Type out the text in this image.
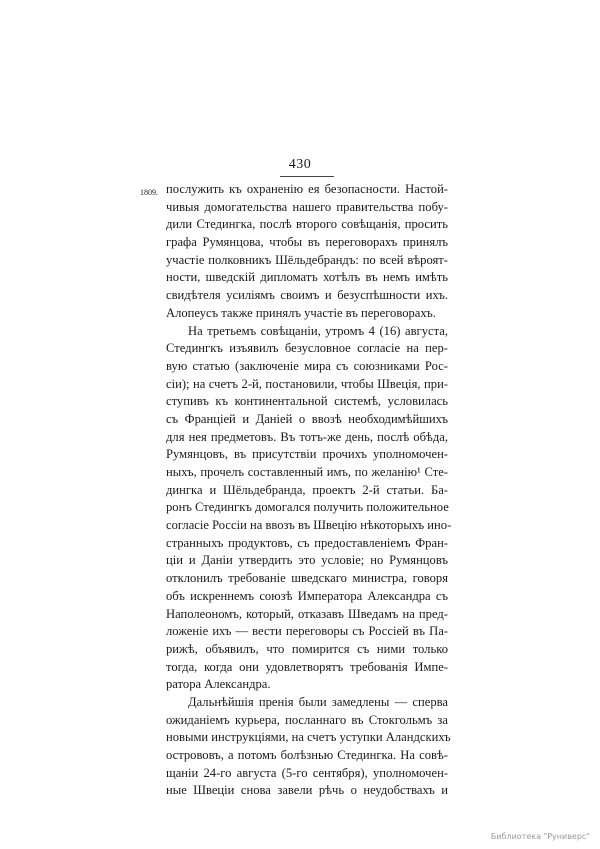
430
1809. послужить къ охраненію ея безопасности. Настой-
чивыя домогательства нашего правительства побу-
дили Стедингка, послѣ второго совѣщанія, просить
графа Румянцова, чтобы въ переговорахъ принялъ
участіе полковникъ Шёльдебрандъ: по всей вѣроят-
ности, шведскій дипломатъ хотѣлъ въ немъ имѣть
свидѣтеля усиліямъ своимъ и безуспѣшности ихъ.
Алопеусъ также принялъ участіе въ переговорахъ.
На третьемъ совѣщаніи, утромъ 4 (16) августа,
Стедингкъ изъявилъ безусловное согласіе на пер-
вую статью (заключеніе мира съ союзниками Рос-
сіи); на счетъ 2-й, постановили, чтобы Швеція, при-
ступивъ къ континентальной системѣ, условилась
съ Франціей и Даніей о ввозѣ необходимѣйшихъ
для нея предметовъ. Въ тотъ-же день, послѣ обѣда,
Румянцовъ, въ присутствіи прочихъ уполномочен-
ныхъ, прочелъ составленный имъ, по желанію¹ Сте-
дингка и Шёльдебранда, проектъ 2-й статьи. Ба-
ронъ Стедингкъ домогался получить положительное
согласіе Россіи на ввозъ въ Швецію нѣкоторыхъ ино-
странныхъ продуктовъ, съ предоставленіемъ Фран-
ціи и Даніи утвердить это условіе; но Румянцовъ
отклонилъ требованіе шведскаго министра, говоря
объ искреннемъ союзѣ Императора Александра съ
Наполеономъ, который, отказавъ Шведамъ на пред-
ложеніе ихъ — вести переговоры съ Россіей въ Па-
рижѣ, объявилъ, что помирится съ ними только
тогда, когда они удовлетворятъ требованія Импе-
ратора Александра.
Дальнѣйшія пренія были замедлены — сперва
ожиданіемъ курьера, посланнаго въ Стокгольмъ за
новыми инструкціями, на счетъ уступки Аландскихъ
острововъ, а потомъ болѣзнью Стедингка. На совѣ-
щаніи 24-го августа (5-го сентября), уполномочен-
ные Швеціи снова завели рѣчь о неудобствахъ и
Библиотека "Руниверс"
